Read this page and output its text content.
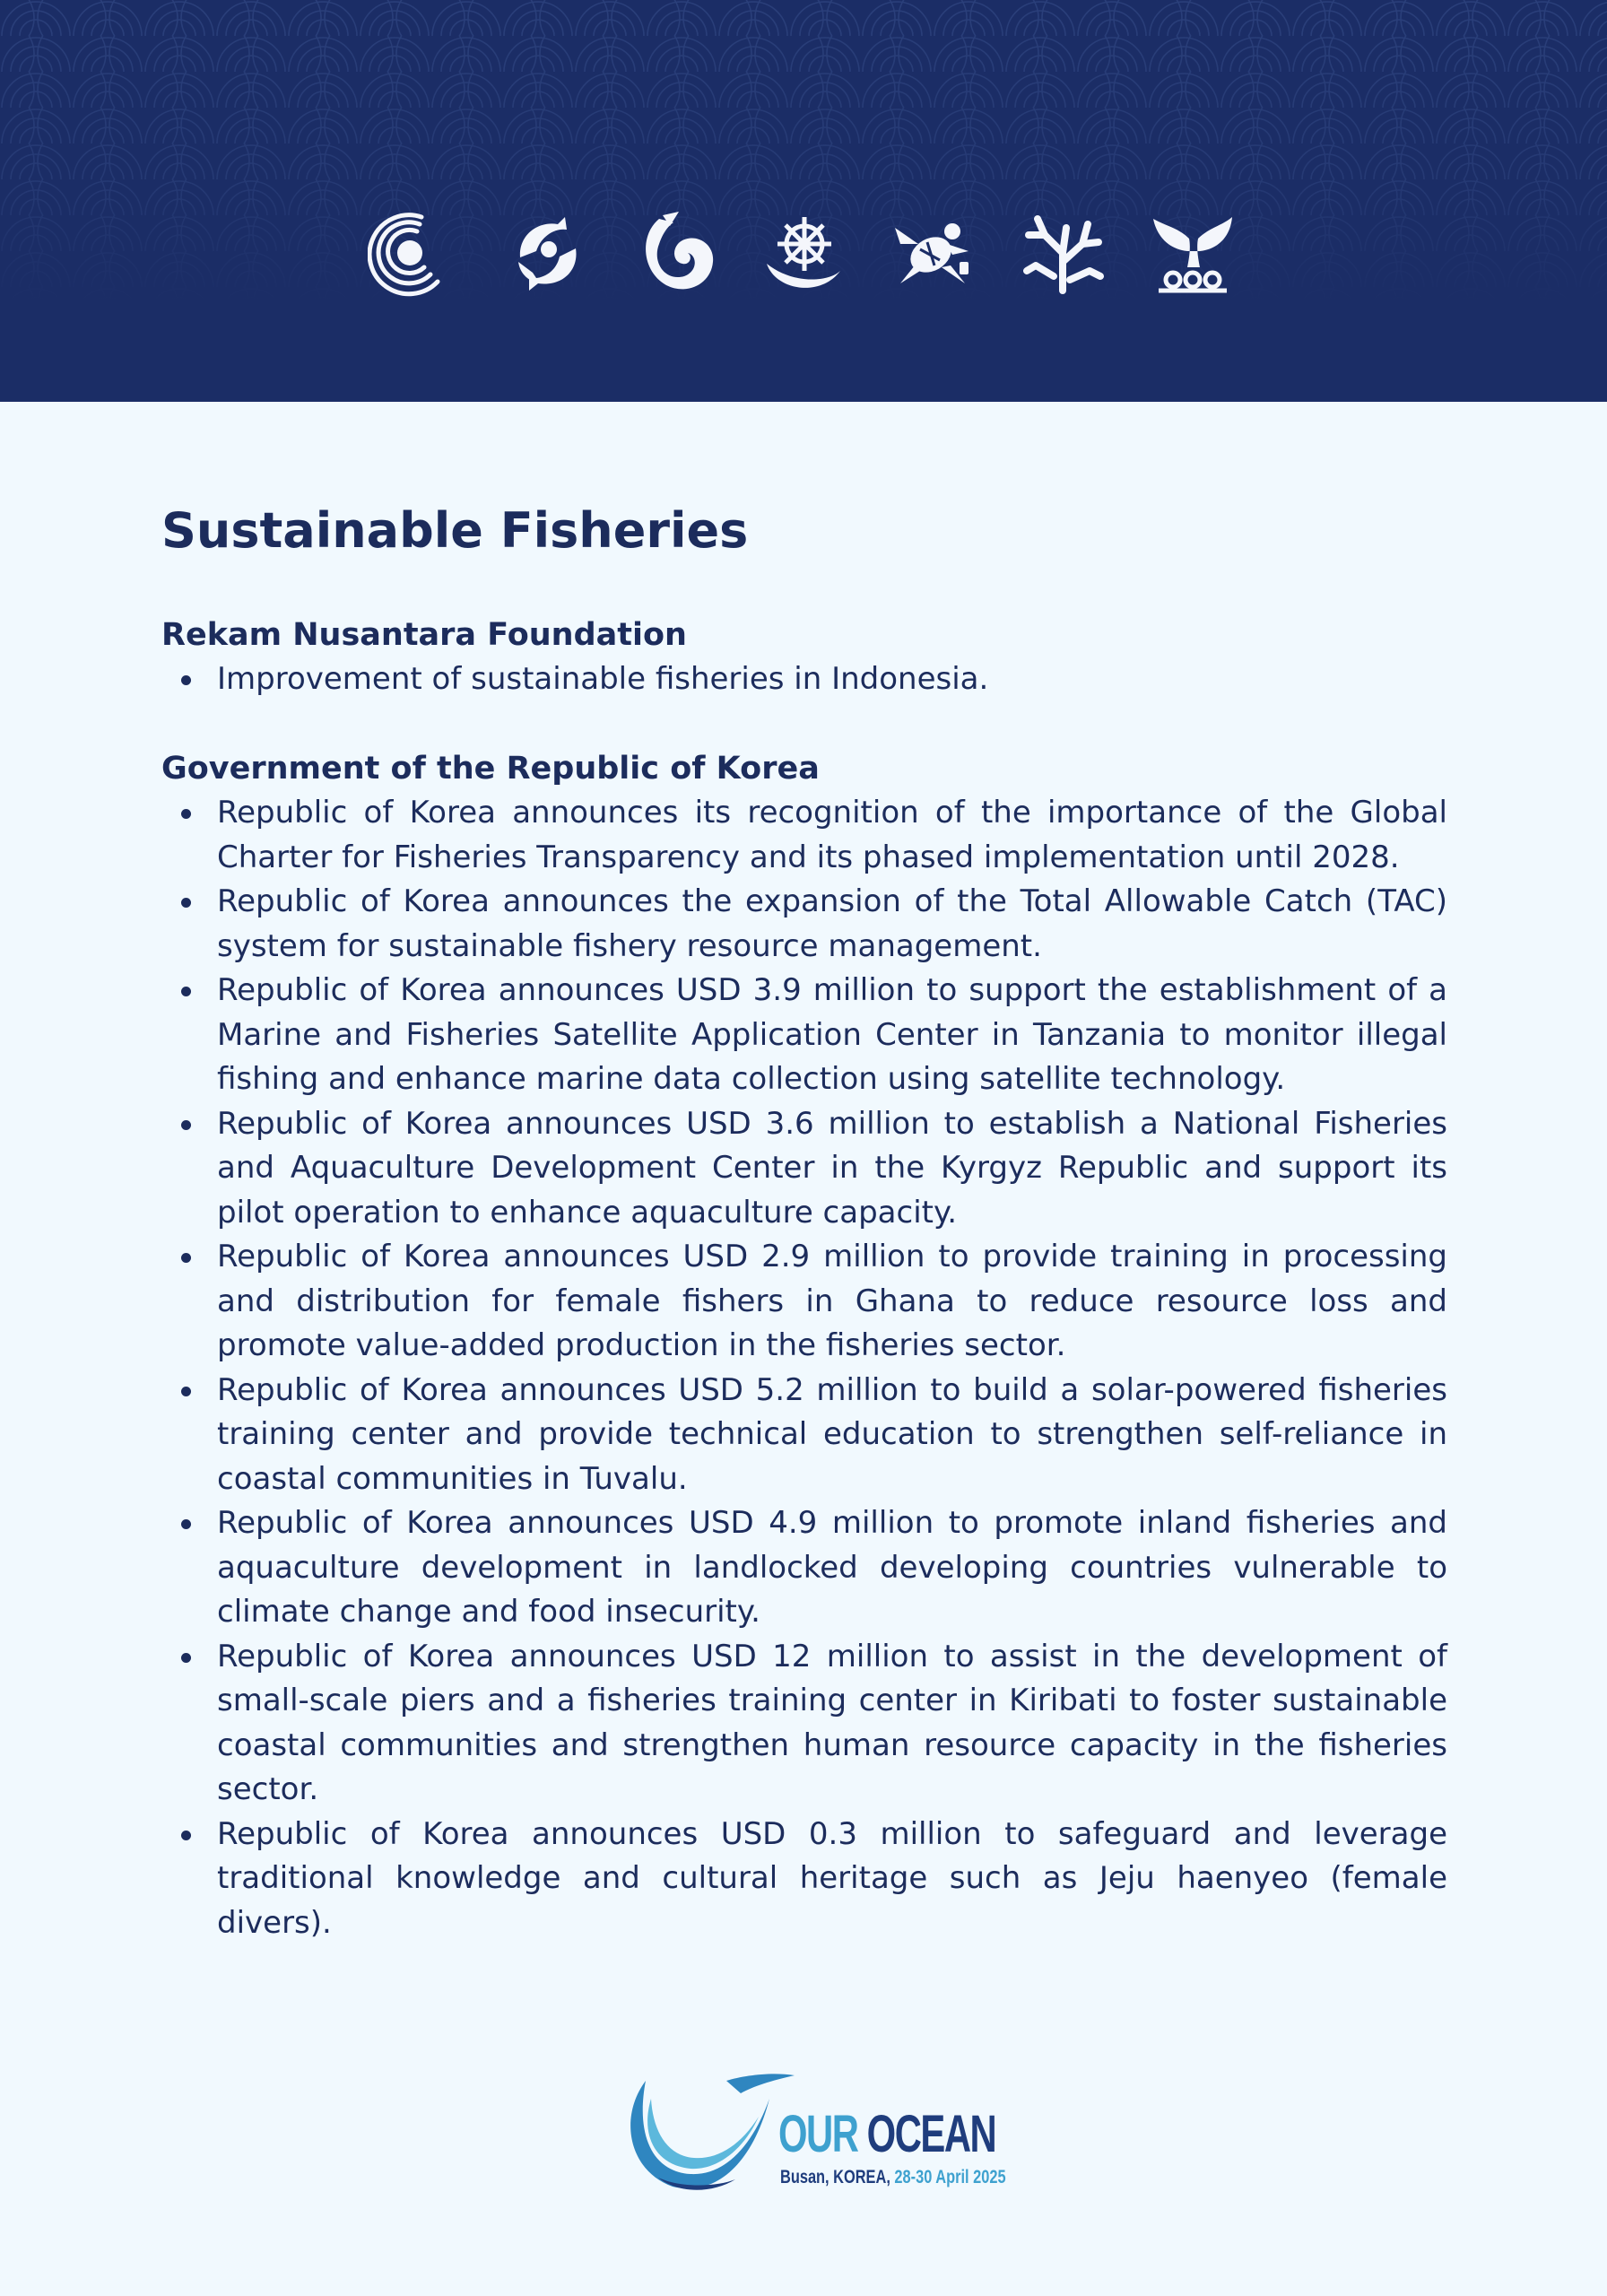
Sustainable Fisheries
Rekam Nusantara Foundation
Improvement of sustainable fisheries in Indonesia.
Government of the Republic of Korea
Republic of Korea announces its recognition of the importance of the Global Charter for Fisheries Transparency and its phased implementation until 2028.
Republic of Korea announces the expansion of the Total Allowable Catch (TAC) system for sustainable fishery resource management.
Republic of Korea announces USD 3.9 million to support the establishment of a Marine and Fisheries Satellite Application Center in Tanzania to monitor illegal fishing and enhance marine data collection using satellite technology.
Republic of Korea announces USD 3.6 million to establish a National Fisheries and Aquaculture Development Center in the Kyrgyz Republic and support its pilot operation to enhance aquaculture capacity.
Republic of Korea announces USD 2.9 million to provide training in processing and distribution for female fishers in Ghana to reduce resource loss and promote value-added production in the fisheries sector.
Republic of Korea announces USD 5.2 million to build a solar-powered fisheries training center and provide technical education to strengthen self-reliance in coastal communities in Tuvalu.
Republic of Korea announces USD 4.9 million to promote inland fisheries and aquaculture development in landlocked developing countries vulnerable to climate change and food insecurity.
Republic of Korea announces USD 12 million to assist in the development of small-scale piers and a fisheries training center in Kiribati to foster sustainable coastal communities and strengthen human resource capacity in the fisheries sector.
Republic of Korea announces USD 0.3 million to safeguard and leverage traditional knowledge and cultural heritage such as Jeju haenyeo (female divers).
OUR OCEAN
Busan, KOREA, 28-30 April 2025
